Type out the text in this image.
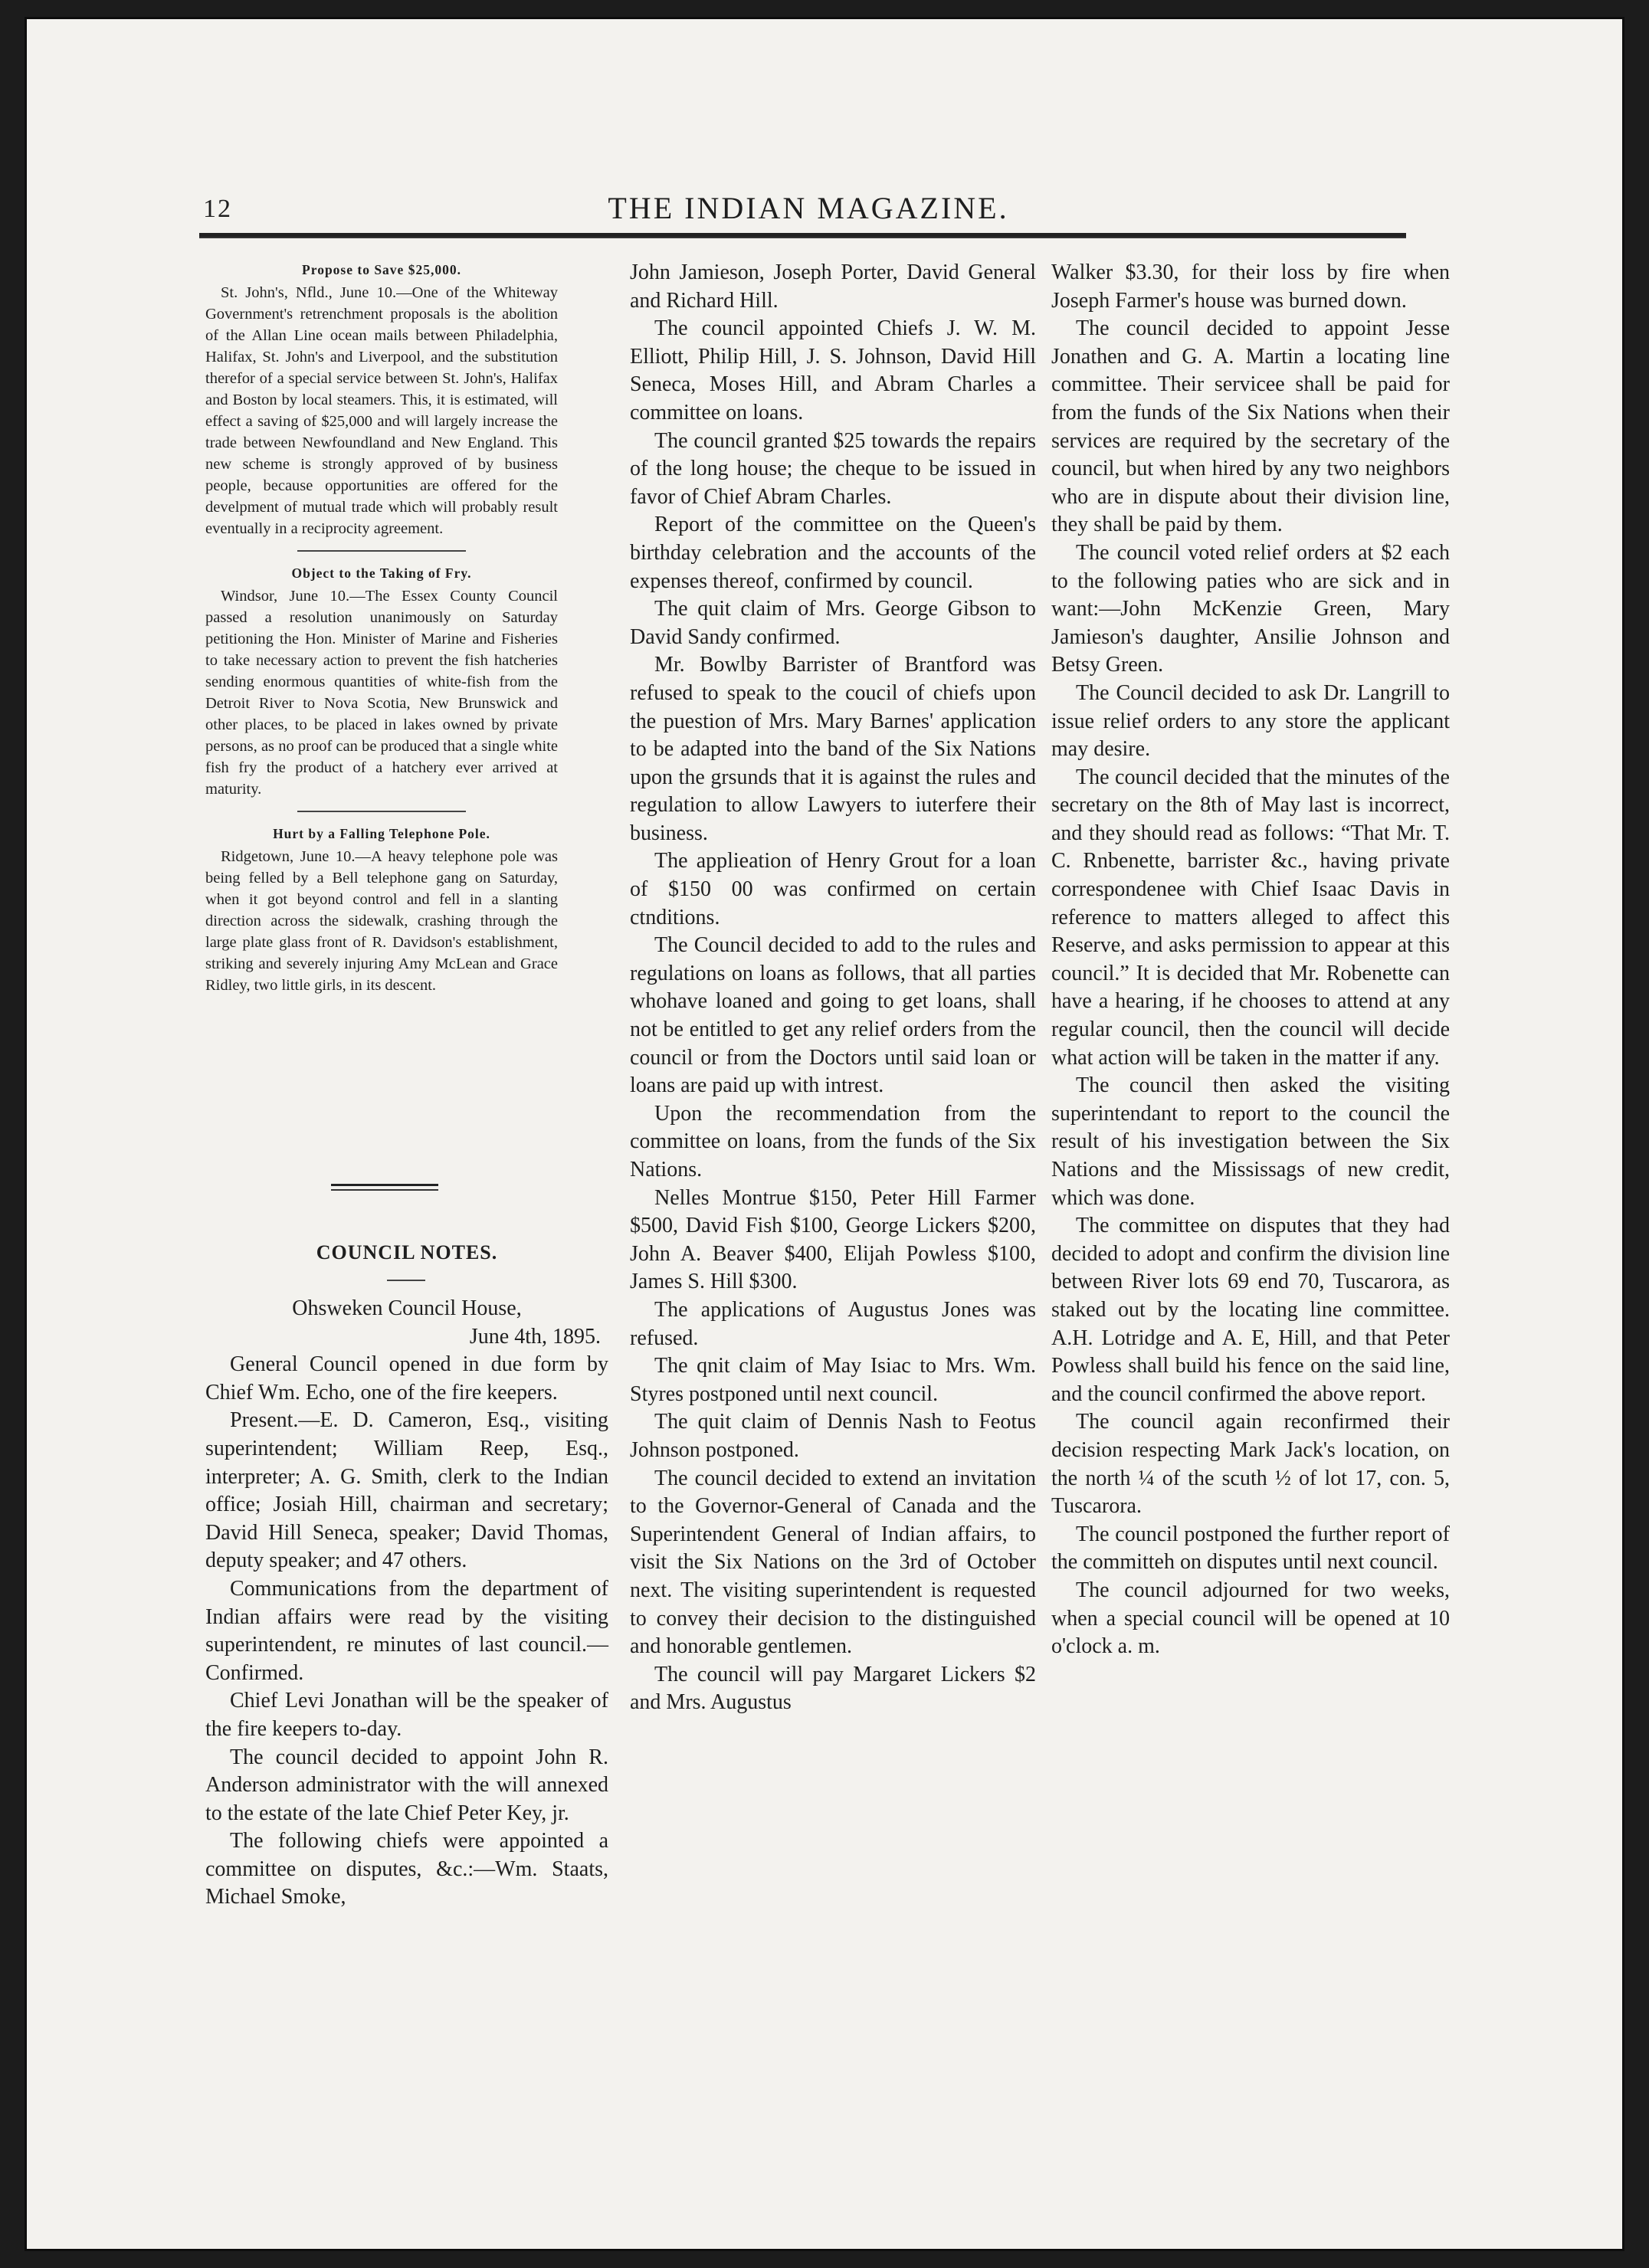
12	THE INDIAN MAGAZINE.
Propose to Save $25,000.

St. John's, Nfld., June 10.—One of the Whiteway Government's retrenchment proposals is the abolition of the Allan Line ocean mails between Philadelphia, Halifax, St. John's and Liverpool, and the substitution therefor of a special service between St. John's, Halifax and Boston by local steamers. This, it is estimated, will effect a saving of $25,000 and will largely increase the trade between Newfoundland and New England. This new scheme is strongly approved of by business people, because opportunities are offered for the develpment of mutual trade which will probably result eventually in a reciprocity agreement.

Object to the Taking of Fry.

Windsor, June 10.—The Essex County Council passed a resolution unanimously on Saturday petitioning the Hon. Minister of Marine and Fisheries to take necessary action to prevent the fish hatcheries sending enormous quantities of white-fish from the Detroit River to Nova Scotia, New Brunswick and other places, to be placed in lakes owned by private persons, as no proof can be produced that a single white fish fry the product of a hatchery ever arrived at maturity.

Hurt by a Falling Telephone Pole.

Ridgetown, June 10.—A heavy telephone pole was being felled by a Bell telephone gang on Saturday, when it got beyond control and fell in a slanting direction across the sidewalk, crashing through the large plate glass front of R. Davidson's establishment, striking and severely injuring Amy McLean and Grace Ridley, two little girls, in its descent.

COUNCIL NOTES.
Ohsweken Council House,
June 4th, 1895.

General Council opened in due form by Chief Wm. Echo, one of the fire keepers.

Present.—E. D. Cameron, Esq., visiting superintendent; William Reep, Esq., interpreter; A. G. Smith, clerk to the Indian office; Josiah Hill, chairman and secretary; David Hill Seneca, speaker; David Thomas, deputy speaker; and 47 others.

Communications from the department of Indian affairs were read by the visiting superintendent, re minutes of last council.—Confirmed.

Chief Levi Jonathan will be the speaker of the fire keepers to-day.

The council decided to appoint John R. Anderson administrator with the will annexed to the estate of the late Chief Peter Key, jr.

The following chiefs were appointed a committee on disputes, &c.:—Wm. Staats, Michael Smoke,

John Jamieson, Joseph Porter, David General and Richard Hill.

The council appointed Chiefs J. W. M. Elliott, Philip Hill, J. S. Johnson, David Hill Seneca, Moses Hill, and Abram Charles a committee on loans.

The council granted $25 towards the repairs of the long house; the cheque to be issued in favor of Chief Abram Charles.

Report of the committee on the Queen's birthday celebration and the accounts of the expenses thereof, confirmed by council.

The quit claim of Mrs. George Gibson to David Sandy confirmed.

Mr. Bowlby Barrister of Brantford was refused to speak to the coucil of chiefs upon the puestion of Mrs. Mary Barnes' application to be adapted into the band of the Six Nations upon the grsunds that it is against the rules and regulation to allow Lawyers to iuterfere their business.

The applieation of Henry Grout for a loan of $150 00 was confirmed on certain ctnditions.

The Council decided to add to the rules and regulations on loans as follows, that all parties whohave loaned and going to get loans, shall not be entitled to get any relief orders from the council or from the Doctors until said loan or loans are paid up with intrest.

Upon the recommendation from the committee on loans, from the funds of the Six Nations.

Nelles Montrue $150, Peter Hill Farmer $500, David Fish $100, George Lickers $200, John A. Beaver $400, Elijah Powless $100, James S. Hill $300.

The applications of Augustus Jones was refused.

The qnit claim of May Isiac to Mrs. Wm. Styres postponed until next council.

The quit claim of Dennis Nash to Feotus Johnson postponed.

The council decided to extend an invitation to the Governor-General of Canada and the Superintendent General of Indian affairs, to visit the Six Nations on the 3rd of October next. The visiting superintendent is requested to convey their decision to the distinguished and honorable gentlemen.

The council will pay Margaret Lickers $2 and Mrs. Augustus

Walker $3.30, for their loss by fire when Joseph Farmer's house was burned down.

The council decided to appoint Jesse Jonathen and G. A. Martin a locating line committee. Their servicee shall be paid for from the funds of the Six Nations when their services are required by the secretary of the council, but when hired by any two neighbors who are in dispute about their division line, they shall be paid by them.

The council voted relief orders at $2 each to the following paties who are sick and in want:—John McKenzie Green, Mary Jamieson's daughter, Ansilie Johnson and Betsy Green.

The Council decided to ask Dr. Langrill to issue relief orders to any store the applicant may desire.

The council decided that the minutes of the secretary on the 8th of May last is incorrect, and they should read as follows: “That Mr. T. C. Rnbenette, barrister &c., having private correspondenee with Chief Isaac Davis in reference to matters alleged to affect this Reserve, and asks permission to appear at this council.” It is decided that Mr. Robenette can have a hearing, if he chooses to attend at any regular council, then the council will decide what action will be taken in the matter if any.

The council then asked the visiting superintendant to report to the council the result of his investigation between the Six Nations and the Mississags of new credit, which was done.

The committee on disputes that they had decided to adopt and confirm the division line between River lots 69 end 70, Tuscarora, as staked out by the locating line committee. A.H. Lotridge and A. E, Hill, and that Peter Powless shall build his fence on the said line, and the council confirmed the above report.

The council again reconfirmed their decision respecting Mark Jack's location, on the north ¼ of the scuth ½ of lot 17, con. 5, Tuscarora.

The council postponed the further report of the committeh on disputes until next council.

The council adjourned for two weeks, when a special council will be opened at 10 o'clock a. m.
